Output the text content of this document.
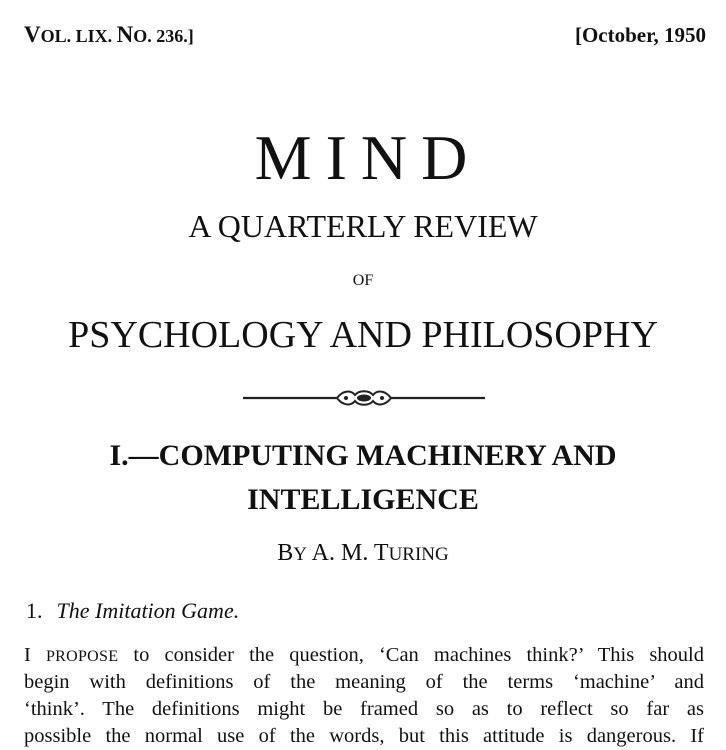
VOL. LIX. NO. 236.]	[October, 1950
MIND
A QUARTERLY REVIEW
OF
PSYCHOLOGY AND PHILOSOPHY
I.—COMPUTING MACHINERY AND
INTELLIGENCE
BY A. M. TURING
1. The Imitation Game.
I PROPOSE to consider the question, ‘Can machines think?’ This should
begin with definitions of the meaning of the terms ‘machine’ and
‘think’. The definitions might be framed so as to reflect so far as
possible the normal use of the words, but this attitude is dangerous. If
